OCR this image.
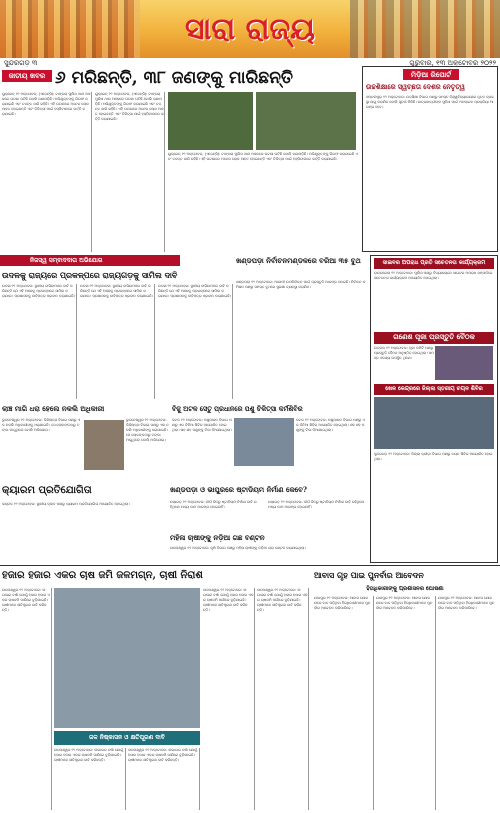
ସାରା ରାଜ୍ୟ
ସୁନ୍ଦରଗଡ଼ ୩	ଗୁରୁବାର, ୧୩ ଅକ୍ଟୋବର ୨୦୨୨
ଜାତୀୟ ଖବର ୬ ମରିଛନ୍ତି, ୩୮ ଜଣଙ୍କୁ ମାରିଛନ୍ତି
ୟୁକ୍ରେନ୍ ୧୨ ଅକ୍ଟୋବର, (ଏଜେନ୍ସି): ଟାଙ୍ଗରା ପୁଲିସ ଥାନା ଅଞ୍ଚଳରେ ଘଟଣା ଘଟିଛି ବୋଲି ଜଣାପଡ଼ିଛି। ଅଭିଯୁକ୍ତଙ୍କୁ ଗିରଫ କରାଯାଇଛି ଏବଂ ତଦନ୍ତ ଜାରି ରହିଛି। ଏହି ଘଟଣାରେ ଅନେକ ଲୋକ ଆହତ ହୋଇଛନ୍ତି ଏବଂ ଚିକିତ୍ସା ପାଇଁ ହସ୍ପିଟାଲରେ ଭର୍ତ୍ତି କରାଯାଇଛି।
ୟୁକ୍ରେନ୍ ୧୨ ଅକ୍ଟୋବର, (ଏଜେନ୍ସି): ଟାଙ୍ଗରା ପୁଲିସ ଥାନା ଅଞ୍ଚଳରେ ଘଟଣା ଘଟିଛି ବୋଲି ଜଣାପଡ଼ିଛି। ଅଭିଯୁକ୍ତଙ୍କୁ ଗିରଫ କରାଯାଇଛି ଏବଂ ତଦନ୍ତ ଜାରି ରହିଛି। ଏହି ଘଟଣାରେ ଅନେକ ଲୋକ ଆହତ ହୋଇଛନ୍ତି ଏବଂ ଚିକିତ୍ସା ପାଇଁ ହସ୍ପିଟାଲରେ ଭର୍ତ୍ତି କରାଯାଇଛି।
ୟୁକ୍ରେନ୍ ୧୨ ଅକ୍ଟୋବର, (ଏଜେନ୍ସି): ଟାଙ୍ଗରା ପୁଲିସ ଥାନା ଅଞ୍ଚଳରେ ଘଟଣା ଘଟିଛି ବୋଲି ଜଣାପଡ଼ିଛି। ଅଭିଯୁକ୍ତଙ୍କୁ ଗିରଫ କରାଯାଇଛି ଏବଂ ତଦନ୍ତ ଜାରି ରହିଛି। ଏହି ଘଟଣାରେ ଅନେକ ଲୋକ ଆହତ ହୋଇଛନ୍ତି ଏବଂ ଚିକିତ୍ସା ପାଇଁ ହସ୍ପିଟାଲରେ ଭର୍ତ୍ତି କରାଯାଇଛି।
ମିଡ଼ିଆ ରିପୋର୍ଟ
ଉଚ୍ଚଶିକ୍ଷାରେ ସ୍ୱଚ୍ଛତା ଦେଶର ନେତୃତ୍ୱ
ସମ୍ବଲପୁର ୧୨ ଅକ୍ଟୋବର: ଉଚ୍ଚଶିକ୍ଷା ବିଭାଗ ପକ୍ଷରୁ ସମସ୍ତ ବିଶ୍ୱବିଦ୍ୟାଳୟରେ ନୂତନ ବ୍ୟବସ୍ଥା ଲାଗୁ କରାଯିବ ବୋଲି ସୂଚନା ମିଳିଛି। ଛାତ୍ରଛାତ୍ରୀଙ୍କ ସୁବିଧା ପାଇଁ ଅନଲାଇନ ପ୍ରକ୍ରିୟା ଆରମ୍ଭ ହେବ।
ନିଜସ୍ୱ ସମ୍ବାଦଦାତା ଅଭିଯୋଗ
ଉଦଳକୁ ରାଜ୍ୟରେ ପ୍ରକଳ୍ପରେ ରାଜ୍ୟଗଡ଼କୁ ସାମିଲ ଦାବି
ଉଦଳା ୧୨ ଅକ୍ଟୋବର: ସ୍ଥାନୀୟ ବାସିନ୍ଦାମାନେ ଦାବି କରିଛନ୍ତି ଯେ ଏହି ଅଞ୍ଚଳକୁ ପ୍ରକଳ୍ପରେ ସାମିଲ କରାଯାଉ। ପ୍ରଶାସନକୁ ଦାବିପତ୍ର ପ୍ରଦାନ କରାଯାଇଛି।
ଉଦଳା ୧୨ ଅକ୍ଟୋବର: ସ୍ଥାନୀୟ ବାସିନ୍ଦାମାନେ ଦାବି କରିଛନ୍ତି ଯେ ଏହି ଅଞ୍ଚଳକୁ ପ୍ରକଳ୍ପରେ ସାମିଲ କରାଯାଉ। ପ୍ରଶାସନକୁ ଦାବିପତ୍ର ପ୍ରଦାନ କରାଯାଇଛି।
ଉଦଳା ୧୨ ଅକ୍ଟୋବର: ସ୍ଥାନୀୟ ବାସିନ୍ଦାମାନେ ଦାବି କରିଛନ୍ତି ଯେ ଏହି ଅଞ୍ଚଳକୁ ପ୍ରକଳ୍ପରେ ସାମିଲ କରାଯାଉ। ପ୍ରଶାସନକୁ ଦାବିପତ୍ର ପ୍ରଦାନ କରାଯାଇଛି।
ଖଣ୍ଡପଡ଼ା ନିର୍ବାଚନମଣ୍ଡଳରେ ବରିଆ ୩୫ ବୁଥ
ଖଣ୍ଡପଡ଼ା ୧୨ ଅକ୍ଟୋବର: ଆଗାମୀ ଉପନିର୍ବାଚନ ପାଇଁ ପ୍ରସ୍ତୁତି ଆରମ୍ଭ ହୋଇଛି। ନିର୍ବାଚନ କମିଶନ ପକ୍ଷରୁ ସମସ୍ତ ବୁଥରେ ସୁରକ୍ଷା ବ୍ୟବସ୍ଥା କରାଯିବ।
ଲାଞ୍ଚ ମାଗି ଧରା ହେଲେ ନକଲି ଅଧିକାରୀ
ଭୁବନେଶ୍ୱର ୧୨ ଅକ୍ଟୋବର: ଭିଜିଲାନ୍ସ ବିଭାଗ ପକ୍ଷରୁ ଏକ ନକଲି ଅଧିକାରୀଙ୍କୁ ଧରାଯାଇଛି। ସେ ଲୋକଙ୍କଠାରୁ ଟଙ୍କା ମାଗୁଥିଲେ ବୋଲି ଅଭିଯୋଗ।
ଭୁବନେଶ୍ୱର ୧୨ ଅକ୍ଟୋବର: ଭିଜିଲାନ୍ସ ବିଭାଗ ପକ୍ଷରୁ ଏକ ନକଲି ଅଧିକାରୀଙ୍କୁ ଧରାଯାଇଛି। ସେ ଲୋକଙ୍କଠାରୁ ଟଙ୍କା ମାଗୁଥିଲେ ବୋଲି ଅଭିଯୋଗ।
ବିଜୁ ଅଟଳ ସେତୁ ପ୍ରଧାନରେ ପଶୁ ଚିକିତ୍ସା କର୍ମଶିବିର
କଟକ ୧୨ ଅକ୍ଟୋବର: ପଶୁପାଳନ ବିଭାଗ ପକ୍ଷରୁ ଏକ ଦିନିଆ ଶିବିର ଆୟୋଜିତ ହୋଇଥିଲା। ଶହ ଶହ ପଶୁଙ୍କୁ ଟିକା ଦିଆଯାଇଥିଲା।
କଟକ ୧୨ ଅକ୍ଟୋବର: ପଶୁପାଳନ ବିଭାଗ ପକ୍ଷରୁ ଏକ ଦିନିଆ ଶିବିର ଆୟୋଜିତ ହୋଇଥିଲା। ଶହ ଶହ ପଶୁଙ୍କୁ ଟିକା ଦିଆଯାଇଥିଲା।
ସାଇବର ଅପରାଧ ପ୍ରତି ସଚେତନତା କାର୍ଯ୍ୟକ୍ରମ
ରାଉରକେଲା ୧୨ ଅକ୍ଟୋବର: ପୁଲିସ ପକ୍ଷରୁ ବିଦ୍ୟାଳୟରେ ସାଇବର ଅପରାଧ ସମ୍ପର୍କରେ ସଚେତନତା କାର୍ଯ୍ୟକ୍ରମ ଆୟୋଜିତ ହୋଇଥିଲା।
ଗଣେଶ ପୂଜା ପ୍ରସ୍ତୁତି ବୈଠକ
ଉତ୍କଳ ୧୨ ଅକ୍ଟୋବର: ପୂଜା କମିଟି ପକ୍ଷରୁ ପ୍ରସ୍ତୁତି ବୈଠକ ଅନୁଷ୍ଠିତ ହୋଇଥିଲା। ସମସ୍ତ ସଦସ୍ୟ ଉପସ୍ଥିତ ଥିଲେ।
ଖେଳ କେନ୍ଦ୍ରରେ ଜିଲ୍ଲା ସ୍ତରୀୟ ଚୟନ ଶିବିର
ସୁନ୍ଦରଗଡ଼ ୧୨ ଅକ୍ଟୋବର: ଜିଲ୍ଲା କ୍ରୀଡ଼ା ବିଭାଗ ପକ୍ଷରୁ ଚୟନ ଶିବିର ଆୟୋଜିତ ହୋଇଥିଲା।
କ୍ୟାରମ ପ୍ରତିଯୋଗିତା
ଭଦ୍ରକ ୧୨ ଅକ୍ଟୋବର: ସ୍ଥାନୀୟ କ୍ଲବ ପକ୍ଷରୁ କ୍ୟାରମ ପ୍ରତିଯୋଗିତା ଆୟୋଜିତ ହୋଇଥିଲା।
ଖଣ୍ଡପଡ଼ା ଓ ଭାପୁରରେ ଷ୍ଟାଡିୟମ ନିର୍ମାଣ କେବେ?
ନୟାଗଡ଼ ୧୨ ଅକ୍ଟୋବର: ଦୀର୍ଘ ଦିନରୁ ଷ୍ଟାଡିୟମ ନିର୍ମାଣ ଦାବି ରହିଥିଲେ ମଧ୍ୟ କାମ ଆରମ୍ଭ ହୋଇନାହିଁ।
ନୟାଗଡ଼ ୧୨ ଅକ୍ଟୋବର: ଦୀର୍ଘ ଦିନରୁ ଷ୍ଟାଡିୟମ ନିର୍ମାଣ ଦାବି ରହିଥିଲେ ମଧ୍ୟ କାମ ଆରମ୍ଭ ହୋଇନାହିଁ।
ମହିଳା ଚାଷୀଙ୍କୁ ନଡ଼ିଆ ଗଛ ବଣ୍ଟନ
ବାଲେଶ୍ୱର ୧୨ ଅକ୍ଟୋବର: କୃଷି ବିଭାଗ ପକ୍ଷରୁ ମହିଳା ଚାଷୀଙ୍କୁ ନଡ଼ିଆ ଚାରା ବଣ୍ଟନ କରାଯାଇଥିଲା।
ହଜାର ହଜାର ଏକର ଚାଷ ଜମି ଜଳମଗ୍ନ, ଚାଷୀ ନିରାଶ
ବାଲେଶ୍ୱର ୧୨ ଅକ୍ଟୋବର: ଲଗାତାର ବର୍ଷା ଯୋଗୁଁ ହଜାର ହଜାର ଏକର ଚାଷଜମି ପାଣିରେ ବୁଡ଼ିଯାଇଛି। ଚାଷୀମାନେ କ୍ଷତିପୂରଣ ଦାବି କରିଛନ୍ତି।
ଜଳ ନିଷ୍କାସନ ଓ କ୍ଷତିପୂରଣ ଦାବି
ବାଲେଶ୍ୱର ୧୨ ଅକ୍ଟୋବର: ଲଗାତାର ବର୍ଷା ଯୋଗୁଁ ହଜାର ହଜାର ଏକର ଚାଷଜମି ପାଣିରେ ବୁଡ଼ିଯାଇଛି। ଚାଷୀମାନେ କ୍ଷତିପୂରଣ ଦାବି କରିଛନ୍ତି।
ବାଲେଶ୍ୱର ୧୨ ଅକ୍ଟୋବର: ଲଗାତାର ବର୍ଷା ଯୋଗୁଁ ହଜାର ହଜାର ଏକର ଚାଷଜମି ପାଣିରେ ବୁଡ଼ିଯାଇଛି। ଚାଷୀମାନେ କ୍ଷତିପୂରଣ ଦାବି କରିଛନ୍ତି।
ବାଲେଶ୍ୱର ୧୨ ଅକ୍ଟୋବର: ଲଗାତାର ବର୍ଷା ଯୋଗୁଁ ହଜାର ହଜାର ଏକର ଚାଷଜମି ପାଣିରେ ବୁଡ଼ିଯାଇଛି। ଚାଷୀମାନେ କ୍ଷତିପୂରଣ ଦାବି କରିଛନ୍ତି।
ବାଲେଶ୍ୱର ୧୨ ଅକ୍ଟୋବର: ଲଗାତାର ବର୍ଷା ଯୋଗୁଁ ହଜାର ହଜାର ଏକର ଚାଷଜମି ପାଣିରେ ବୁଡ଼ିଯାଇଛି। ଚାଷୀମାନେ କ୍ଷତିପୂରଣ ଦାବି କରିଛନ୍ତି।
ଆବାସ ଗୃହ ପାଇ ପୁନର୍ବାର ଆବେଦନ
ହିତାଧିକାରୀଙ୍କୁ ପ୍ରଶାସନର ଘୋଷଣା
ଯାଜପୁର ୧୨ ଅକ୍ଟୋବର: ଆବାସ ଯୋଜନାରେ ବାଦ ପଡ଼ିଥିବା ହିତାଧିକାରୀମାନେ ପୁନର୍ବାର ଆବେଦନ କରିପାରିବେ।
ଯାଜପୁର ୧୨ ଅକ୍ଟୋବର: ଆବାସ ଯୋଜନାରେ ବାଦ ପଡ଼ିଥିବା ହିତାଧିକାରୀମାନେ ପୁନର୍ବାର ଆବେଦନ କରିପାରିବେ।
ଯାଜପୁର ୧୨ ଅକ୍ଟୋବର: ଆବାସ ଯୋଜନାରେ ବାଦ ପଡ଼ିଥିବା ହିତାଧିକାରୀମାନେ ପୁନର୍ବାର ଆବେଦନ କରିପାରିବେ।
